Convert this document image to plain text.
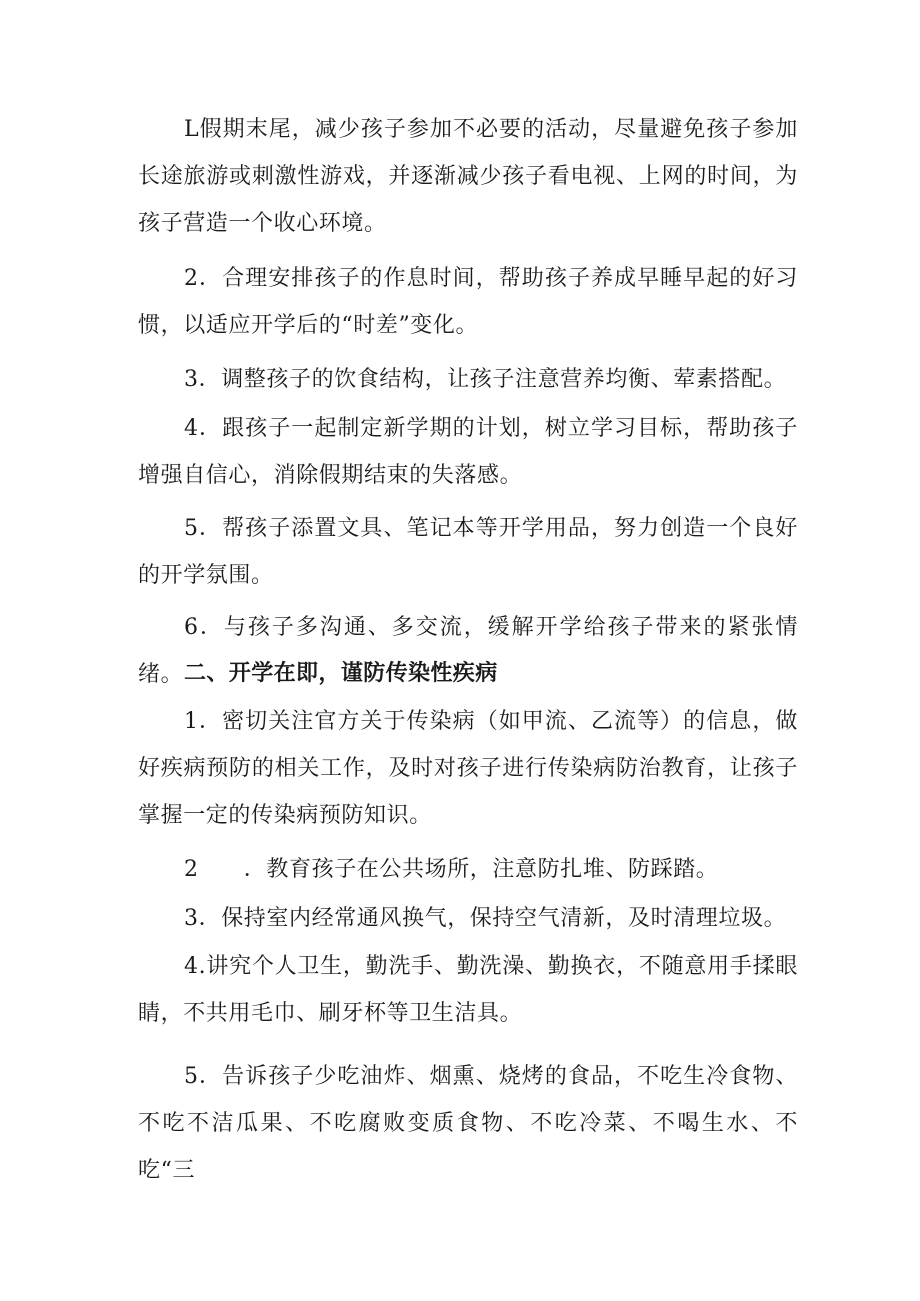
L假期末尾，减少孩子参加不必要的活动，尽量避免孩子参加长途旅游或刺激性游戏，并逐渐减少孩子看电视、上网的时间，为孩子营造一个收心环境。

2．合理安排孩子的作息时间，帮助孩子养成早睡早起的好习惯，以适应开学后的“时差”变化。

3．调整孩子的饮食结构，让孩子注意营养均衡、荤素搭配。

4．跟孩子一起制定新学期的计划，树立学习目标，帮助孩子增强自信心，消除假期结束的失落感。

5．帮孩子添置文具、笔记本等开学用品，努力创造一个良好的开学氛围。

6．与孩子多沟通、多交流，缓解开学给孩子带来的紧张情绪。 二、开学在即，谨防传染性疾病

1．密切关注官方关于传染病（如甲流、乙流等）的信息，做好疾病预防的相关工作，及时对孩子进行传染病防治教育，让孩子掌握一定的传染病预防知识。

2　　．教育孩子在公共场所，注意防扎堆、防踩踏。

3．保持室内经常通风换气，保持空气清新，及时清理垃圾。

4.讲究个人卫生，勤洗手、勤洗澡、勤换衣，不随意用手揉眼睛，不共用毛巾、刷牙杯等卫生洁具。

5．告诉孩子少吃油炸、烟熏、烧烤的食品，不吃生冷食物、不吃不洁瓜果、不吃腐败变质食物、不吃冷菜、不喝生水、不吃“三
